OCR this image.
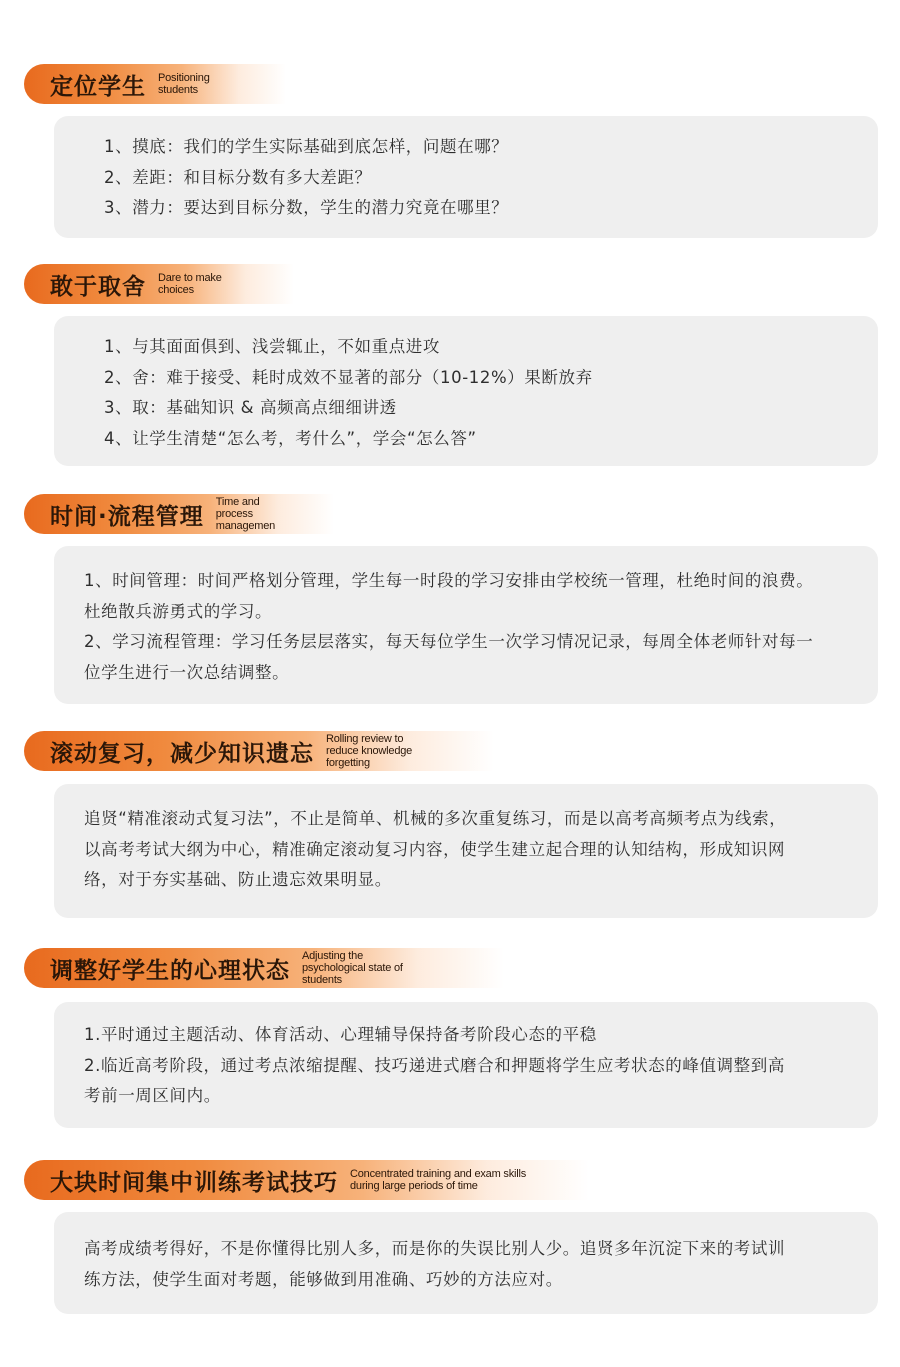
定位学生 Positioning students
1、摸底：我们的学生实际基础到底怎样，问题在哪？
2、差距：和目标分数有多大差距？
3、潜力：要达到目标分数，学生的潜力究竟在哪里？
敢于取舍 Dare to make choices
1、与其面面俱到、浅尝辄止，不如重点进攻
2、舍：难于接受、耗时成效不显著的部分（10-12%）果断放弃
3、取：基础知识 & 高频高点细细讲透
4、让学生清楚“怎么考，考什么”，学会“怎么答”
时间·流程管理
Time and process
managemen
1、时间管理：时间严格划分管理，学生每一时段的学习安排由学校统一管理，杜绝时间的浪费。
杜绝散兵游勇式的学习。
2、学习流程管理：学习任务层层落实，每天每位学生一次学习情况记录，每周全体老师针对每一
位学生进行一次总结调整。
滚动复习，减少知识遗忘
Rolling review to
reduce knowledge forgetting
追贤“精准滚动式复习法”，不止是简单、机械的多次重复练习，而是以高考高频考点为线索，
以高考考试大纲为中心，精准确定滚动复习内容，使学生建立起合理的认知结构，形成知识网
络，对于夯实基础、防止遗忘效果明显。
调整好学生的心理状态
Adjusting the
psychological state of students
1.平时通过主题活动、体育活动、心理辅导保持备考阶段心态的平稳
2.临近高考阶段，通过考点浓缩提醒、技巧递进式磨合和押题将学生应考状态的峰值调整到高
考前一周区间内。
大块时间集中训练考试技巧 Concentrated training and exam skills
during large periods of time
高考成绩考得好，不是你懂得比别人多，而是你的失误比别人少。追贤多年沉淀下来的考试训
练方法，使学生面对考题，能够做到用准确、巧妙的方法应对。
